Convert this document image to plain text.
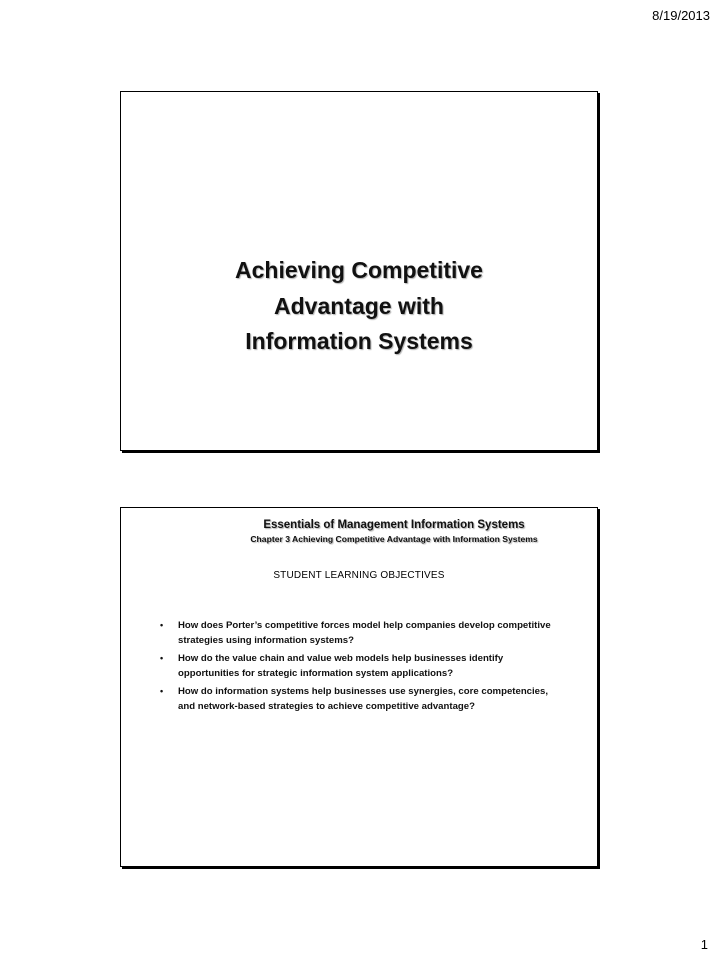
8/19/2013
Achieving Competitive
Advantage with
Information Systems
Essentials of Management Information Systems
Chapter 3 Achieving Competitive Advantage with Information Systems
STUDENT LEARNING OBJECTIVES
• How does Porter’s competitive forces model help companies develop competitive strategies using information systems?
• How do the value chain and value web models help businesses identify opportunities for strategic information system applications?
• How do information systems help businesses use synergies, core competencies, and network-based strategies to achieve competitive advantage?
1
